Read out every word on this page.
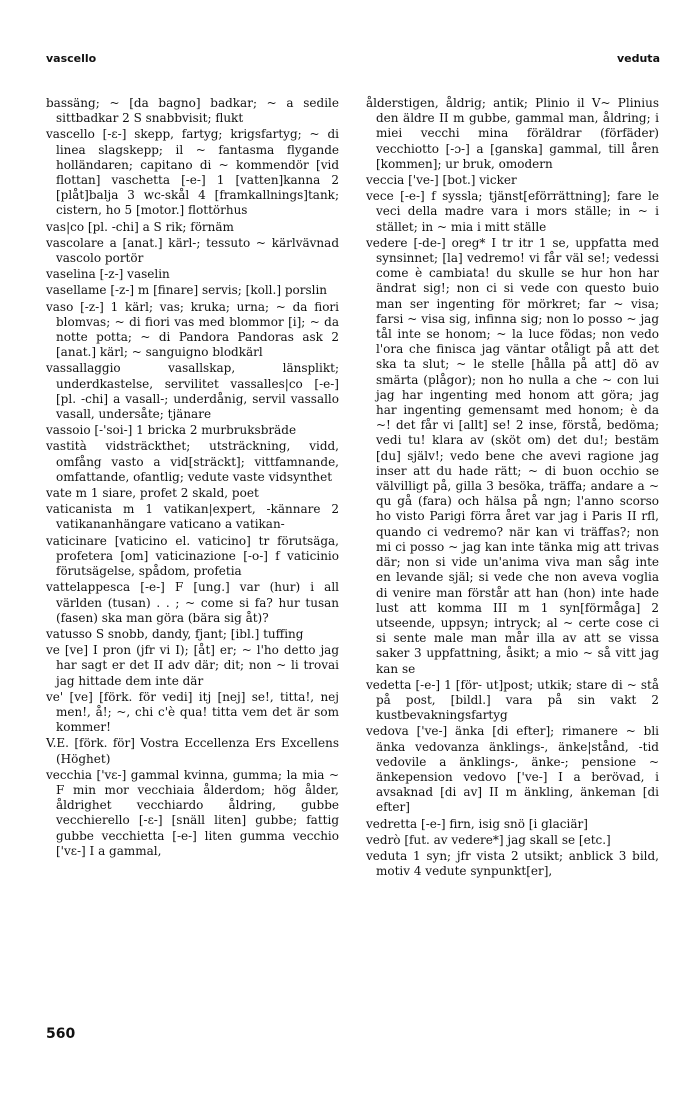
vascello	veduta

bassäng; ~ [da bagno] badkar; ~ a sedile sittbadkar 2 S snabbvisit; flukt

vascello [-ɛ-] skepp, fartyg; krigsfartyg; ~ di linea slagskepp; il ~ fantasma flygande holländaren; capitano di ~ kommendör [vid flottan] vaschetta [-e-] 1 [vatten]kanna 2 [plåt]balja 3 wc-skål 4 [framkallnings]tank; cistern, ho 5 [motor.] flottörhus

vas|co [pl. -chi] a S rik; förnäm

vascolare a [anat.] kärl-; tessuto ~ kärlvävnad vascolo portör

vaselina [-z-] vaselin

vasellame [-z-] m [finare] servis; [koll.] porslin

vaso [-z-] 1 kärl; vas; kruka; urna; ~ da fiori blomvas; ~ di fiori vas med blommor [i]; ~ da notte potta; ~ di Pandora Pandoras ask 2 [anat.] kärl; ~ sanguigno blodkärl

vassallaggio vasallskap, länsplikt; underdkastelse, servilitet vassalles|co [-e-] [pl. -chi] a vasall-; underdånig, servil vassallo vasall, undersåte; tjänare

vassoio [-'soi-] 1 bricka 2 murbruksbräde

vastità vidsträckthet; utsträckning, vidd, omfång vasto a vid[sträckt]; vittfamnande, omfattande, ofantlig; vedute vaste vidsynthet

vate m 1 siare, profet 2 skald, poet

vaticanista m 1 vatikan|expert, -kännare 2 vatikananhängare vaticano a vatikan-

vaticinare [vaticino el. vaticino] tr förutsäga, profetera [om] vaticinazione [-o-] f vaticinio förutsägelse, spådom, profetia

vattelappesca [-e-] F [ung.] var (hur) i all världen (tusan) . . ; ~ come si fa? hur tusan (fasen) ska man göra (bära sig åt)?

vatusso S snobb, dandy, fjant; [ibl.] tuffing

ve [ve] I pron (jfr vi I); [åt] er; ~ l'ho detto jag har sagt er det II adv där; dit; non ~ li trovai jag hittade dem inte där

ve' [ve] [förk. för vedi] itj [nej] se!, titta!, nej men!, å!; ~, chi c'è qua! titta vem det är som kommer!

V.E. [förk. för] Vostra Eccellenza Ers Excellens (Höghet)

vecchia ['vɛ-] gammal kvinna, gumma; la mia ~ F min mor vecchiaia ålderdom; hög ålder, åldrighet vecchiardo åldring, gubbe vecchierello [-ɛ-] [snäll liten] gubbe; fattig gubbe vecchietta [-e-] liten gumma vecchio ['vɛ-] I a gammal,

ålderstigen, åldrig; antik; Plinio il V~ Plinius den äldre II m gubbe, gammal man, åldring; i miei vecchi mina föräldrar (förfäder) vecchiotto [-ɔ-] a [ganska] gammal, till åren [kommen]; ur bruk, omodern

veccia ['ve-] [bot.] vicker

vece [-e-] f syssla; tjänst[eförrättning]; fare le veci della madre vara i mors ställe; in ~ i stället; in ~ mia i mitt ställe

vedere [-de-] oreg* I tr itr 1 se, uppfatta med synsinnet; [la] vedremo! vi får väl se!; vedessi come è cambiata! du skulle se hur hon har ändrat sig!; non ci si vede con questo buio man ser ingenting för mörkret; far ~ visa; farsi ~ visa sig, infinna sig; non lo posso ~ jag tål inte se honom; ~ la luce födas; non vedo l'ora che finisca jag väntar otåligt på att det ska ta slut; ~ le stelle [hålla på att] dö av smärta (plågor); non ho nulla a che ~ con lui jag har ingenting med honom att göra; jag har ingenting gemensamt med honom; è da ~! det får vi [allt] se! 2 inse, förstå, bedöma; vedi tu! klara av (sköt om) det du!; bestäm [du] själv!; vedo bene che avevi ragione jag inser att du hade rätt; ~ di buon occhio se välvilligt på, gilla 3 besöka, träffa; andare a ~ qu gå (fara) och hälsa på ngn; l'anno scorso ho visto Parigi förra året var jag i Paris II rfl, quando ci vedremo? när kan vi träffas?; non mi ci posso ~ jag kan inte tänka mig att trivas där; non si vide un'anima viva man såg inte en levande själ; si vede che non aveva voglia di venire man förstår att han (hon) inte hade lust att komma III m 1 syn[förmåga] 2 utseende, uppsyn; intryck; al ~ certe cose ci si sente male man mår illa av att se vissa saker 3 uppfattning, åsikt; a mio ~ så vitt jag kan se

vedetta [-e-] 1 [för- ut]post; utkik; stare di ~ stå på post, [bildl.] vara på sin vakt 2 kustbevakningsfartyg

vedova ['ve-] änka [di efter]; rimanere ~ bli änka vedovanza änklings-, änke|stånd, -tid vedovile a änklings-, änke-; pensione ~ änkepension vedovo ['ve-] I a berövad, i avsaknad [di av] II m änkling, änkeman [di efter]

vedretta [-e-] firn, isig snö [i glaciär]

vedrò [fut. av vedere*] jag skall se [etc.]

veduta 1 syn; jfr vista 2 utsikt; anblick 3 bild, motiv 4 vedute synpunkt[er],

560
